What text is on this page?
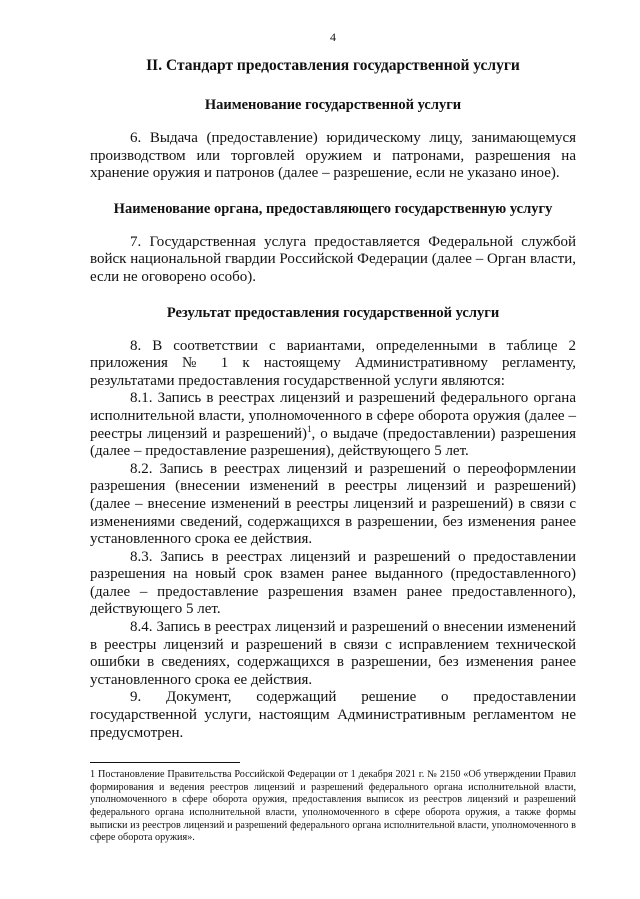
4
II. Стандарт предоставления государственной услуги
Наименование государственной услуги

6. Выдача (предоставление) юридическому лицу, занимающемуся производством или торговлей оружием и патронами, разрешения на хранение оружия и патронов (далее – разрешение, если не указано иное).

Наименование органа, предоставляющего государственную услугу

7. Государственная услуга предоставляется Федеральной службой войск национальной гвардии Российской Федерации (далее – Орган власти, если не оговорено особо).

Результат предоставления государственной услуги

8. В соответствии с вариантами, определенными в таблице 2 приложения № 1 к настоящему Административному регламенту, результатами предоставления государственной услуги являются:

8.1. Запись в реестрах лицензий и разрешений федерального органа исполнительной власти, уполномоченного в сфере оборота оружия (далее – реестры лицензий и разрешений)$^1$, о выдаче (предоставлении) разрешения (далее – предоставление разрешения), действующего 5 лет.

8.2. Запись в реестрах лицензий и разрешений о переоформлении разрешения (внесении изменений в реестры лицензий и разрешений) (далее – внесение изменений в реестры лицензий и разрешений) в связи с изменениями сведений, содержащихся в разрешении, без изменения ранее установленного срока ее действия.

8.3. Запись в реестрах лицензий и разрешений о предоставлении разрешения на новый срок взамен ранее выданного (предоставленного) (далее – предоставление разрешения взамен ранее предоставленного), действующего 5 лет.

8.4. Запись в реестрах лицензий и разрешений о внесении изменений в реестры лицензий и разрешений в связи с исправлением технической ошибки в сведениях, содержащихся в разрешении, без изменения ранее установленного срока ее действия.

9. Документ, содержащий решение о предоставлении государственной услуги, настоящим Административным регламентом не предусмотрен.

1 Постановление Правительства Российской Федерации от 1 декабря 2021 г. № 2150 «Об утверждении Правил формирования и ведения реестров лицензий и разрешений федерального органа исполнительной власти, уполномоченного в сфере оборота оружия, предоставления выписок из реестров лицензий и разрешений федерального органа исполнительной власти, уполномоченного в сфере оборота оружия, а также формы выписки из реестров лицензий и разрешений федерального органа исполнительной власти, уполномоченного в сфере оборота оружия».
